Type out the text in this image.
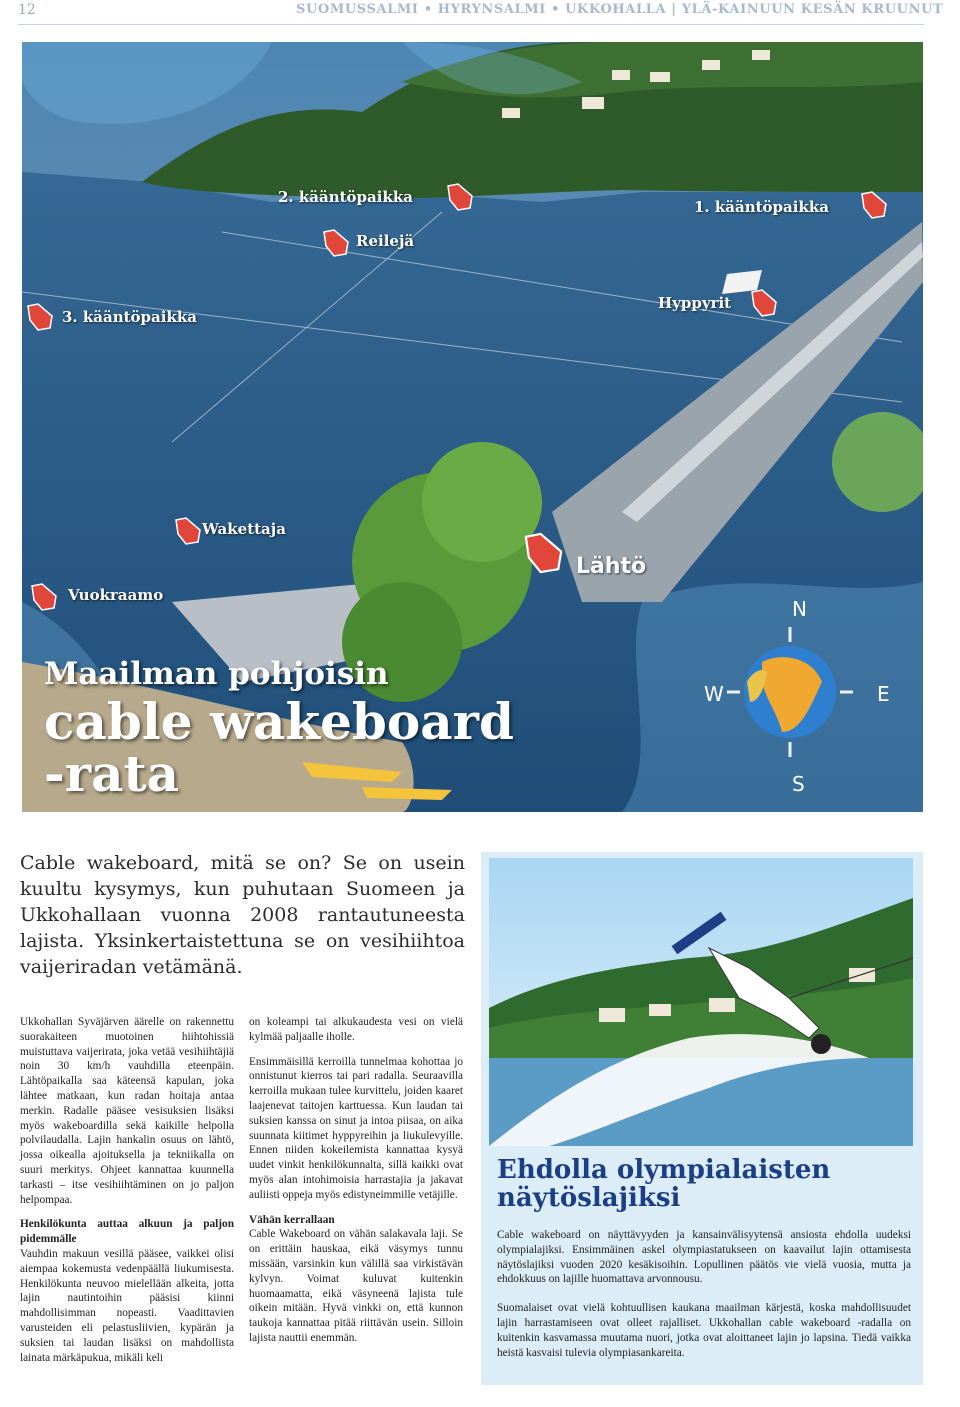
12	SUOMUSSALMI • HYRYNSALMI • UKKOHALLA | YLÄ-KAINUUN KESÄN KRUUNUT
2. kääntöpaikka
1. kääntöpaikka
Reilejä
3. kääntöpaikka
Hyppyrit
Wakettaja
Vuokraamo
Lähtö
N
W	E
S
Maailman pohjoisin
cable wakeboard
-rata

Cable wakeboard, mitä se on? Se on usein kuultu kysymys, kun puhutaan Suomeen ja Ukkohallaan vuonna 2008 rantautuneesta lajista. Yksinkertaistettuna se on vesihiihtoa vaijeriradan vetämänä.

Ukkohallan Syväjärven äärelle on rakennettu suorakaiteen muotoinen hiihtohissiä muistuttava vaijerirata, joka vetää vesihiihtäjiä noin 30 km/h vauhdilla eteenpäin. Lähtöpaikalla saa käteensä kapulan, joka lähtee matkaan, kun radan hoitaja antaa merkin. Radalle pääsee vesisuksien lisäksi myös wakeboardilla sekä kaikille helpolla polvilaudalla. Lajin hankalin osuus on lähtö, jossa oikealla ajoituksella ja tekniikalla on suuri merkitys. Ohjeet kannattaa kuunnella tarkasti – itse vesihiihtäminen on jo paljon helpompaa.

Henkilökunta auttaa alkuun ja paljon pidemmälle

Vauhdin makuun vesillä pääsee, vaikkei olisi aiempaa kokemusta vedenpäällä liukumisesta. Henkilökunta neuvoo mielellään alkeita, jotta lajin nautintoihin pääsisi kiinni mahdollisimman nopeasti. Vaadittavien varusteiden eli pelastusliivien, kypärän ja suksien tai laudan lisäksi on mahdollista lainata märkäpukua, mikäli keli

on koleampi tai alkukaudesta vesi on vielä kylmää paljaalle iholle.

Ensimmäisillä kerroilla tunnelmaa kohottaa jo onnistunut kierros tai pari radalla. Seuraavilla kerroilla mukaan tulee kurvittelu, joiden kaaret laajenevat taitojen karttuessa. Kun laudan tai suksien kanssa on sinut ja intoa piisaa, on aika suunnata kiitimet hyppyreihin ja liukulevyille. Ennen niiden kokeilemista kannattaa kysyä uudet vinkit henkilökunnalta, sillä kaikki ovat myös alan intohimoisia harrastajia ja jakavat auliisti oppeja myös edistyneimmille vetäjille.

Vähän kerrallaan

Cable Wakeboard on vähän salakavala laji. Se on erittäin hauskaa, eikä väsymys tunnu missään, varsinkin kun välillä saa virkistävän kylvyn. Voimat kuluvat kuitenkin huomaamatta, eikä väsyneenä lajista tule oikein mitään. Hyvä vinkki on, että kunnon taukoja kannattaa pitää riittävän usein. Silloin lajista nauttii enemmän.

Ehdolla olympialaisten näytöslajiksi

Cable wakeboard on näyttävyyden ja kansainvälisyytensä ansiosta ehdolla uudeksi olympialajiksi. Ensimmäinen askel olympiastatukseen on kaavailut lajin ottamisesta näytöslajiksi vuoden 2020 kesäkisoihin. Lopullinen päätös vie vielä vuosia, mutta ja ehdokkuus on lajille huomattava arvonnousu.

Suomalaiset ovat vielä kohtuullisen kaukana maailman kärjestä, koska mahdollisuudet lajin harrastamiseen ovat olleet rajalliset. Ukkohallan cable wakeboard -radalla on kuitenkin kasvamassa muutama nuori, jotka ovat aloittaneet lajin jo lapsina. Tiedä vaikka heistä kasvaisi tulevia olympiasankareita.
